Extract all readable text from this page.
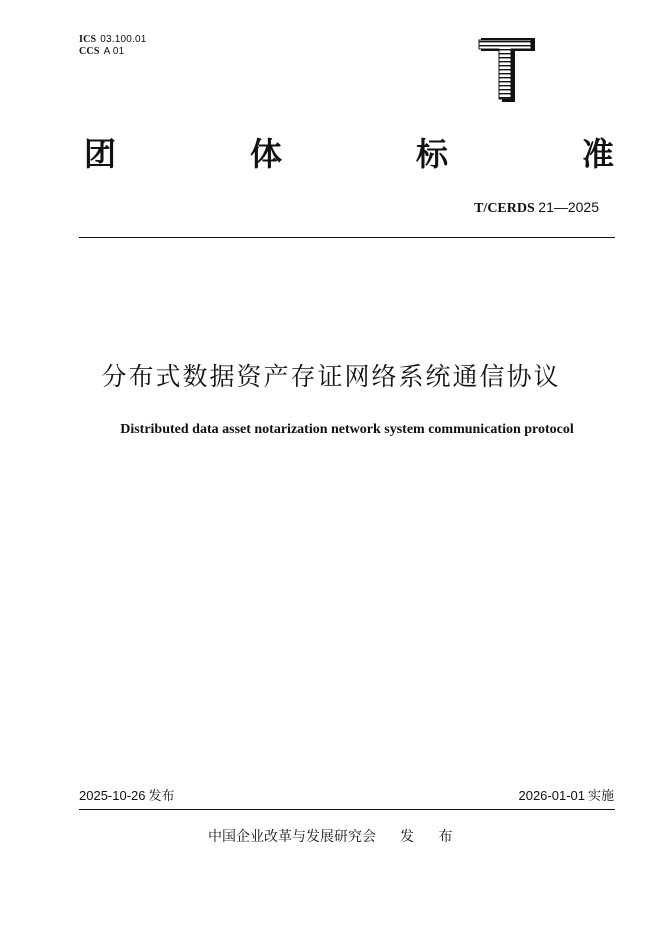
ICS 03.100.01
CCS A 01
团	体	标	准
T/CERDS 21—2025
分布式数据资产存证网络系统通信协议
Distributed data asset notarization network system communication protocol
2025-10-26 发布	2026-01-01 实施
中国企业改革与发展研究会 发 布
